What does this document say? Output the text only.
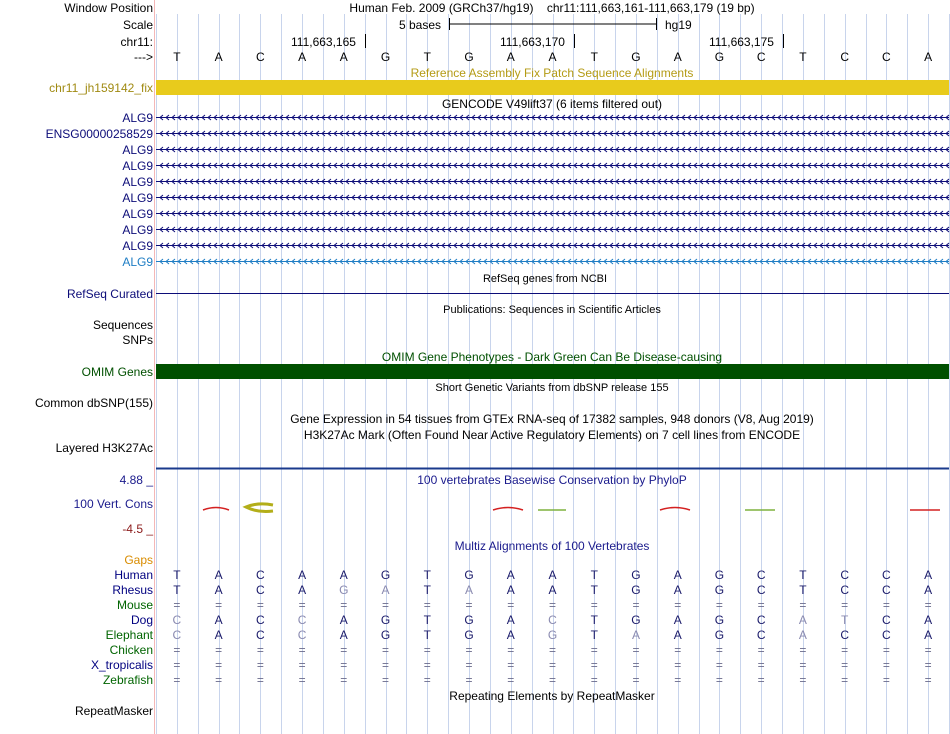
Window Position
Scale
chr11:
--->
Human Feb. 2009 (GRCh37/hg19)    chr11:111,663,161-111,663,179 (19 bp)
5 bases	hg19
111,663,165	111,663,170	111,663,175
T	A	C	A	A	G	T	G	A	A	T	G	A	G	C	T	C	C	A
Reference Assembly Fix Patch Sequence Alignments
chr11_jh159142_fix
GENCODE V49lift37 (6 items filtered out)
ALG9
ENSG00000258529
ALG9
ALG9
ALG9
ALG9
ALG9
ALG9
ALG9
ALG9
RefSeq genes from NCBI
RefSeq Curated
Publications: Sequences in Scientific Articles
Sequences
SNPs
OMIM Gene Phenotypes - Dark Green Can Be Disease-causing
OMIM Genes
Short Genetic Variants from dbSNP release 155
Common dbSNP(155)
Gene Expression in 54 tissues from GTEx RNA-seq of 17382 samples, 948 donors (V8, Aug 2019)
H3K27Ac Mark (Often Found Near Active Regulatory Elements) on 7 cell lines from ENCODE
Layered H3K27Ac
100 vertebrates Basewise Conservation by PhyloP
4.88 _
100 Vert. Cons
-4.5 _
Multiz Alignments of 100 Vertebrates
Gaps
Human	T	A	C	A	A	G	T	G	A	A	T	G	A	G	C	T	C	C	A
Rhesus	T	A	C	A	G	A	T	A	A	A	T	G	A	G	C	T	C	C	A
Mouse	=	=	=	=	=	=	=	=	=	=	=	=	=	=	=	=	=	=	=
Dog	C	A	C	C	A	G	T	G	A	C	T	G	A	G	C	A	T	C	A
Elephant	C	A	C	C	A	G	T	G	A	G	T	A	A	G	C	A	C	C	A
Chicken	=	=	=	=	=	=	=	=	=	=	=	=	=	=	=	=	=	=	=
X_tropicalis	=	=	=	=	=	=	=	=	=	=	=	=	=	=	=	=	=	=	=
Zebrafish	=	=	=	=	=	=	=	=	=	=	=	=	=	=	=	=	=	=	=
Repeating Elements by RepeatMasker
RepeatMasker
